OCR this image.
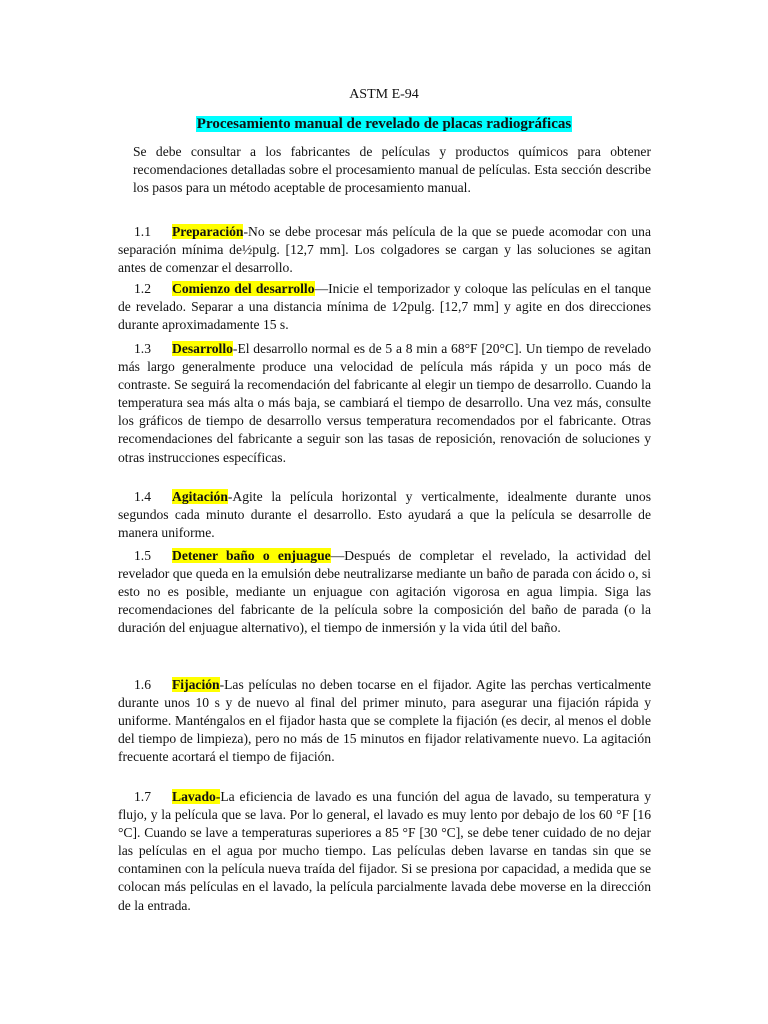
ASTM E-94
Procesamiento manual de revelado de placas radiográficas
Se debe consultar a los fabricantes de películas y productos químicos para obtener recomendaciones detalladas sobre el procesamiento manual de películas. Esta sección describe los pasos para un método aceptable de procesamiento manual.
1.1 Preparación-No se debe procesar más película de la que se puede acomodar con una separación mínima de½pulg. [12,7 mm]. Los colgadores se cargan y las soluciones se agitan antes de comenzar el desarrollo.
1.2 Comienzo del desarrollo—Inicie el temporizador y coloque las películas en el tanque de revelado. Separar a una distancia mínima de 1⁄2pulg. [12,7 mm] y agite en dos direcciones durante aproximadamente 15 s.
1.3 Desarrollo-El desarrollo normal es de 5 a 8 min a 68°F [20°C]. Un tiempo de revelado más largo generalmente produce una velocidad de película más rápida y un poco más de contraste. Se seguirá la recomendación del fabricante al elegir un tiempo de desarrollo. Cuando la temperatura sea más alta o más baja, se cambiará el tiempo de desarrollo. Una vez más, consulte los gráficos de tiempo de desarrollo versus temperatura recomendados por el fabricante. Otras recomendaciones del fabricante a seguir son las tasas de reposición, renovación de soluciones y otras instrucciones específicas.
1.4 Agitación-Agite la película horizontal y verticalmente, idealmente durante unos segundos cada minuto durante el desarrollo. Esto ayudará a que la película se desarrolle de manera uniforme.
1.5 Detener baño o enjuague—Después de completar el revelado, la actividad del revelador que queda en la emulsión debe neutralizarse mediante un baño de parada con ácido o, si esto no es posible, mediante un enjuague con agitación vigorosa en agua limpia. Siga las recomendaciones del fabricante de la película sobre la composición del baño de parada (o la duración del enjuague alternativo), el tiempo de inmersión y la vida útil del baño.
1.6 Fijación-Las películas no deben tocarse en el fijador. Agite las perchas verticalmente durante unos 10 s y de nuevo al final del primer minuto, para asegurar una fijación rápida y uniforme. Manténgalos en el fijador hasta que se complete la fijación (es decir, al menos el doble del tiempo de limpieza), pero no más de 15 minutos en fijador relativamente nuevo. La agitación frecuente acortará el tiempo de fijación.
1.7 Lavado-La eficiencia de lavado es una función del agua de lavado, su temperatura y flujo, y la película que se lava. Por lo general, el lavado es muy lento por debajo de los 60 °F [16 °C]. Cuando se lave a temperaturas superiores a 85 °F [30 °C], se debe tener cuidado de no dejar las películas en el agua por mucho tiempo. Las películas deben lavarse en tandas sin que se contaminen con la película nueva traída del fijador. Si se presiona por capacidad, a medida que se colocan más películas en el lavado, la película parcialmente lavada debe moverse en la dirección de la entrada.
